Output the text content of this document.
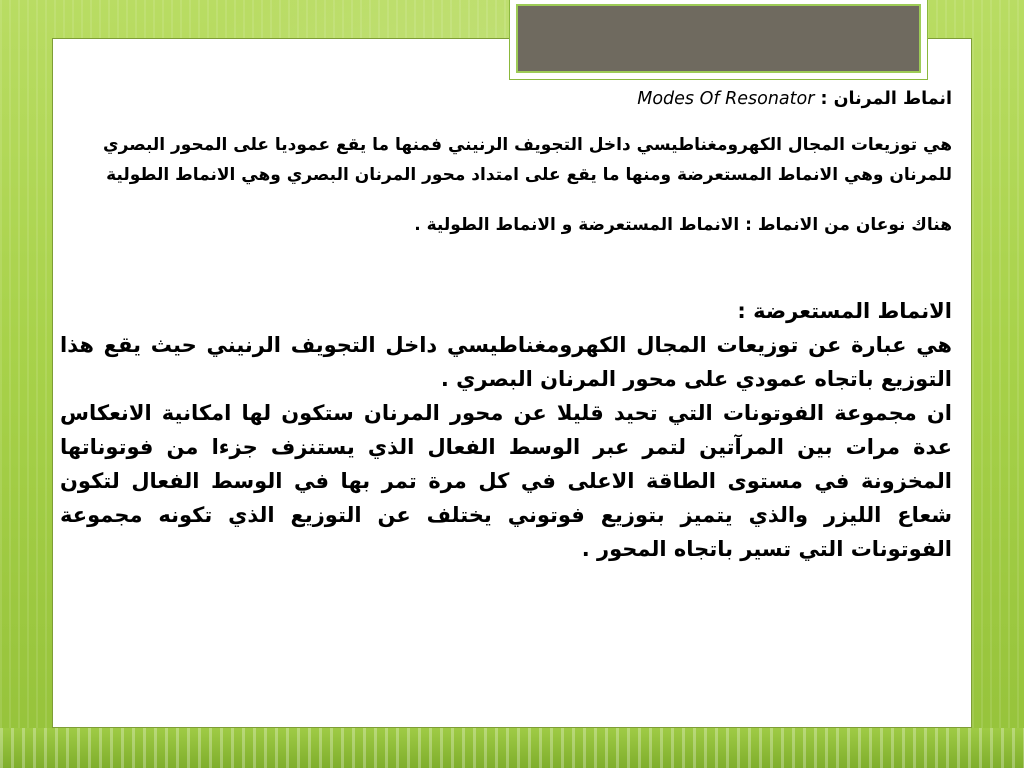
انماط المرنان : Modes Of Resonator

هي توزيعات المجال الكهرومغناطيسي داخل التجويف الرنيني فمنها ما يقع عموديا على المحور البصري للمرنان وهي الانماط المستعرضة ومنها ما يقع على امتداد محور المرنان البصري وهي الانماط الطولية

هناك نوعان من الانماط : الانماط المستعرضة و الانماط الطولية .

الانماط المستعرضة :

هي عبارة عن توزيعات المجال الكهرومغناطيسي داخل التجويف الرنيني حيث يقع هذا التوزيع باتجاه عمودي على محور المرنان البصري .

ان مجموعة الفوتونات التي تحيد قليلا عن محور المرنان ستكون لها امكانية الانعكاس عدة مرات بين المرآتين لتمر عبر الوسط الفعال الذي يستنزف جزءا من فوتوناتها المخزونة في مستوى الطاقة الاعلى في كل مرة تمر بها في الوسط الفعال لتكون شعاع الليزر والذي يتميز بتوزيع فوتوني يختلف عن التوزيع الذي تكونه مجموعة الفوتونات التي تسير باتجاه المحور .
